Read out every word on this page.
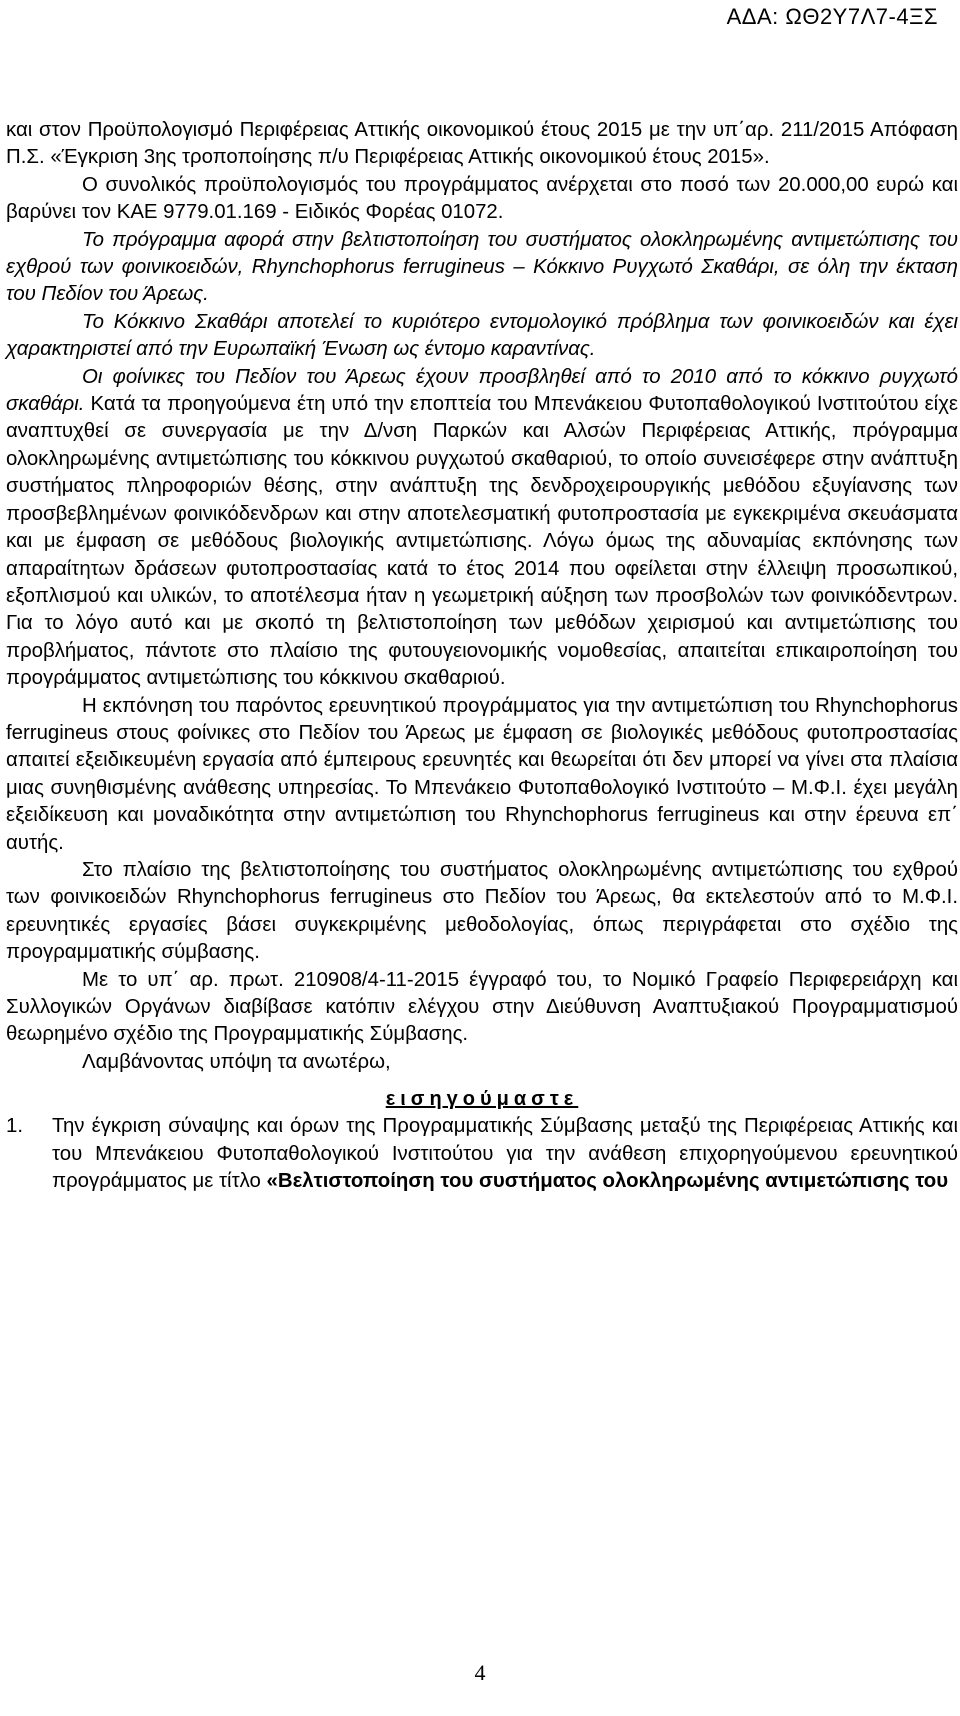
ΑΔΑ: ΩΘ2Υ7Λ7-4ΞΣ

και στον Προϋπολογισμό Περιφέρειας Αττικής οικονομικού έτους 2015 με την υπ΄αρ. 211/2015 Απόφαση Π.Σ. «Έγκριση 3ης τροποποίησης π/υ Περιφέρειας Αττικής οικονομικού έτους 2015».

Ο συνολικός προϋπολογισμός του προγράμματος ανέρχεται στο ποσό των 20.000,00 ευρώ και βαρύνει τον ΚΑΕ 9779.01.169 - Ειδικός Φορέας 01072.

Το πρόγραμμα αφορά στην βελτιστοποίηση του συστήματος ολοκληρωμένης αντιμετώπισης του εχθρού των φοινικοειδών, Rhynchophorus ferrugineus – Κόκκινο Ρυγχωτό Σκαθάρι, σε όλη την έκταση του Πεδίον του Άρεως.

Το Κόκκινο Σκαθάρι αποτελεί το κυριότερο εντομολογικό πρόβλημα των φοινικοειδών και έχει χαρακτηριστεί από την Ευρωπαϊκή Ένωση ως έντομο καραντίνας.

Οι φοίνικες του Πεδίον του Άρεως έχουν προσβληθεί από το 2010 από το κόκκινο ρυγχωτό σκαθάρι. Κατά τα προηγούμενα έτη υπό την εποπτεία του Μπενάκειου Φυτοπαθολογικού Ινστιτούτου είχε αναπτυχθεί σε συνεργασία με την Δ/νση Παρκών και Αλσών Περιφέρειας Αττικής, πρόγραμμα ολοκληρωμένης αντιμετώπισης του κόκκινου ρυγχωτού σκαθαριού, το οποίο συνεισέφερε στην ανάπτυξη συστήματος πληροφοριών θέσης, στην ανάπτυξη της δενδροχειρουργικής μεθόδου εξυγίανσης των προσβεβλημένων φοινικόδενδρων και στην αποτελεσματική φυτοπροστασία με εγκεκριμένα σκευάσματα και με έμφαση σε μεθόδους βιολογικής αντιμετώπισης. Λόγω όμως της αδυναμίας εκπόνησης των απαραίτητων δράσεων φυτοπροστασίας κατά το έτος 2014 που οφείλεται στην έλλειψη προσωπικού, εξοπλισμού και υλικών, το αποτέλεσμα ήταν η γεωμετρική αύξηση των προσβολών των φοινικόδεντρων. Για το λόγο αυτό και με σκοπό τη βελτιστοποίηση των μεθόδων χειρισμού και αντιμετώπισης του προβλήματος, πάντοτε στο πλαίσιο της φυτουγειονομικής νομοθεσίας, απαιτείται επικαιροποίηση του προγράμματος αντιμετώπισης του κόκκινου σκαθαριού.

Η εκπόνηση του παρόντος ερευνητικού προγράμματος για την αντιμετώπιση του Rhynchophorus ferrugineus στους φοίνικες στο Πεδίον του Άρεως με έμφαση σε βιολογικές μεθόδους φυτοπροστασίας απαιτεί εξειδικευμένη εργασία από έμπειρους ερευνητές και θεωρείται ότι δεν μπορεί να γίνει στα πλαίσια μιας συνηθισμένης ανάθεσης υπηρεσίας. Το Μπενάκειο Φυτοπαθολογικό Ινστιτούτο – Μ.Φ.Ι. έχει μεγάλη εξειδίκευση και μοναδικότητα στην αντιμετώπιση του Rhynchophorus ferrugineus και στην έρευνα επ΄ αυτής.

Στο πλαίσιο της βελτιστοποίησης του συστήματος ολοκληρωμένης αντιμετώπισης του εχθρού των φοινικοειδών Rhynchophorus ferrugineus στο Πεδίον του Άρεως, θα εκτελεστούν από το Μ.Φ.Ι. ερευνητικές εργασίες βάσει συγκεκριμένης μεθοδολογίας, όπως περιγράφεται στο σχέδιο της προγραμματικής σύμβασης.

Με το υπ΄ αρ. πρωτ. 210908/4-11-2015 έγγραφό του, το Νομικό Γραφείο Περιφερειάρχη και Συλλογικών Οργάνων διαβίβασε κατόπιν ελέγχου στην Διεύθυνση Αναπτυξιακού Προγραμματισμού θεωρημένο σχέδιο της Προγραμματικής Σύμβασης.

Λαμβάνοντας υπόψη τα ανωτέρω,

εισηγούμαστε

1.	Την έγκριση σύναψης και όρων της Προγραμματικής Σύμβασης μεταξύ της Περιφέρειας Αττικής και του Μπενάκειου Φυτοπαθολογικού Ινστιτούτου για την ανάθεση επιχορηγούμενου ερευνητικού προγράμματος με τίτλο «Βελτιστοποίηση του συστήματος ολοκληρωμένης αντιμετώπισης του
4
